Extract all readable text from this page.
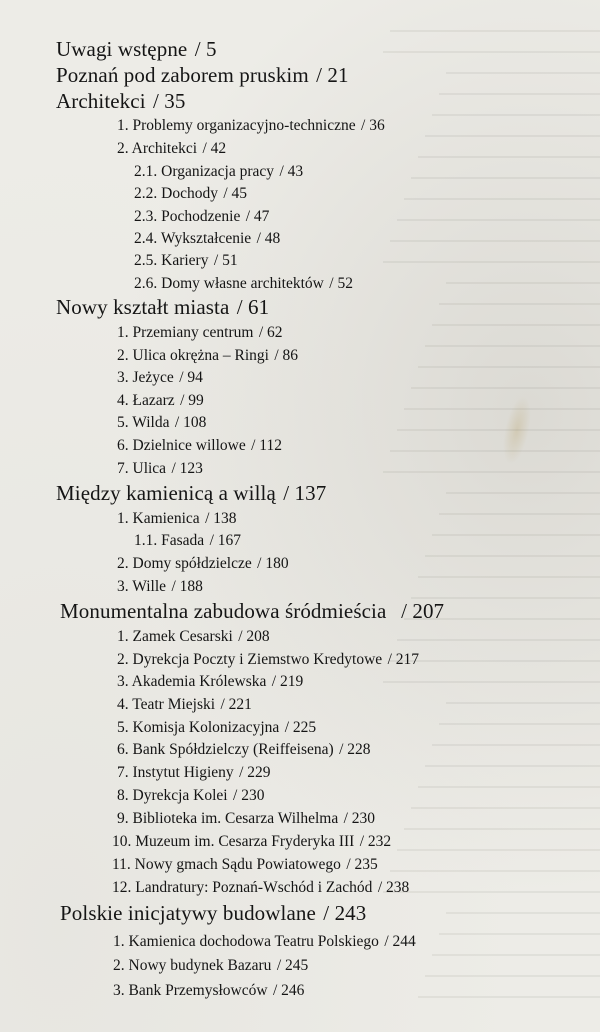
Uwagi wstępne / 5
Poznań pod zaborem pruskim / 21
Architekci / 35
1. Problemy organizacyjno-techniczne / 36
2. Architekci / 42
2.1. Organizacja pracy / 43
2.2. Dochody / 45
2.3. Pochodzenie / 47
2.4. Wykształcenie / 48
2.5. Kariery / 51
2.6. Domy własne architektów / 52
Nowy kształt miasta / 61
1. Przemiany centrum / 62
2. Ulica okrężna – Ringi / 86
3. Jeżyce / 94
4. Łazarz / 99
5. Wilda / 108
6. Dzielnice willowe / 112
7. Ulica / 123
Między kamienicą a willą / 137
1. Kamienica / 138
1.1. Fasada / 167
2. Domy spółdzielcze / 180
3. Wille / 188
Monumentalna zabudowa śródmieścia / 207
1. Zamek Cesarski / 208
2. Dyrekcja Poczty i Ziemstwo Kredytowe / 217
3. Akademia Królewska / 219
4. Teatr Miejski / 221
5. Komisja Kolonizacyjna / 225
6. Bank Spółdzielczy (Reiffeisena) / 228
7. Instytut Higieny / 229
8. Dyrekcja Kolei / 230
9. Biblioteka im. Cesarza Wilhelma / 230
10. Muzeum im. Cesarza Fryderyka III / 232
11. Nowy gmach Sądu Powiatowego / 235
12. Landratury: Poznań-Wschód i Zachód / 238
Polskie inicjatywy budowlane / 243
1. Kamienica dochodowa Teatru Polskiego / 244
2. Nowy budynek Bazaru / 245
3. Bank Przemysłowców / 246
